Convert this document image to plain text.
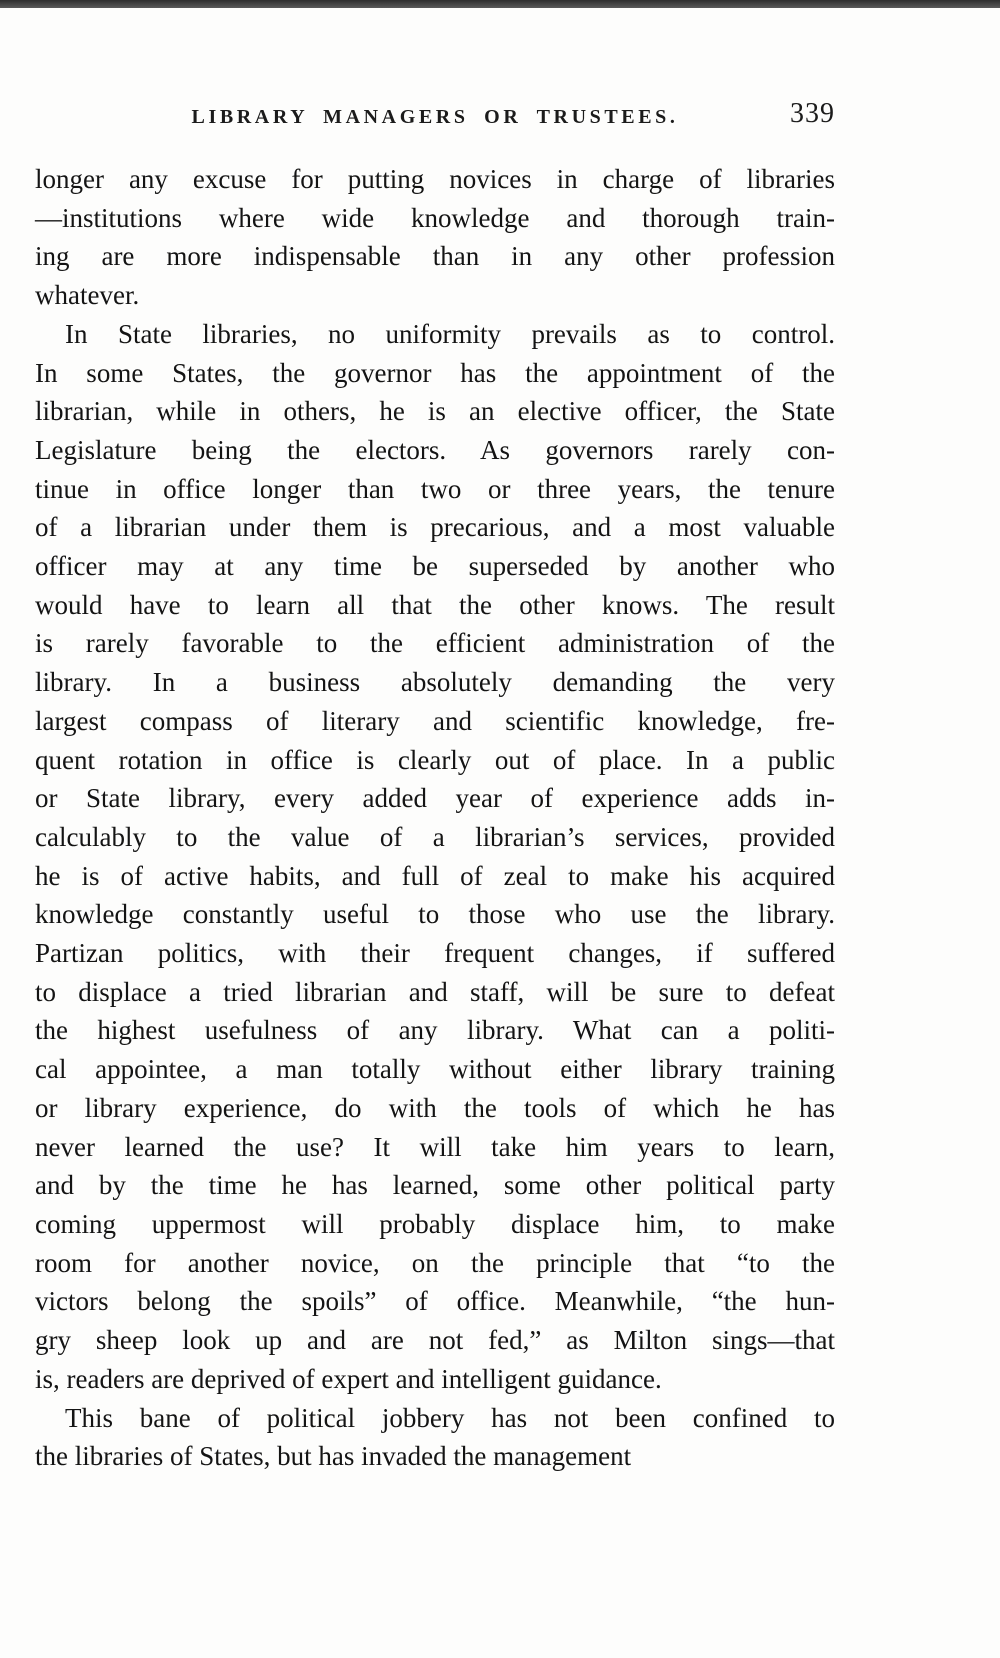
LIBRARY MANAGERS OR TRUSTEES.	339
longer any excuse for putting novices in charge of libraries
—institutions where wide knowledge and thorough train-
ing are more indispensable than in any other profession
whatever.
In State libraries, no uniformity prevails as to control.
In some States, the governor has the appointment of the
librarian, while in others, he is an elective officer, the State
Legislature being the electors. As governors rarely con-
tinue in office longer than two or three years, the tenure
of a librarian under them is precarious, and a most valuable
officer may at any time be superseded by another who
would have to learn all that the other knows. The result
is rarely favorable to the efficient administration of the
library. In a business absolutely demanding the very
largest compass of literary and scientific knowledge, fre-
quent rotation in office is clearly out of place. In a public
or State library, every added year of experience adds in-
calculably to the value of a librarian’s services, provided
he is of active habits, and full of zeal to make his acquired
knowledge constantly useful to those who use the library.
Partizan politics, with their frequent changes, if suffered
to displace a tried librarian and staff, will be sure to defeat
the highest usefulness of any library. What can a politi-
cal appointee, a man totally without either library training
or library experience, do with the tools of which he has
never learned the use? It will take him years to learn,
and by the time he has learned, some other political party
coming uppermost will probably displace him, to make
room for another novice, on the principle that “to the
victors belong the spoils” of office. Meanwhile, “the hun-
gry sheep look up and are not fed,” as Milton sings—that
is, readers are deprived of expert and intelligent guidance.
This bane of political jobbery has not been confined to
the libraries of States, but has invaded the management
